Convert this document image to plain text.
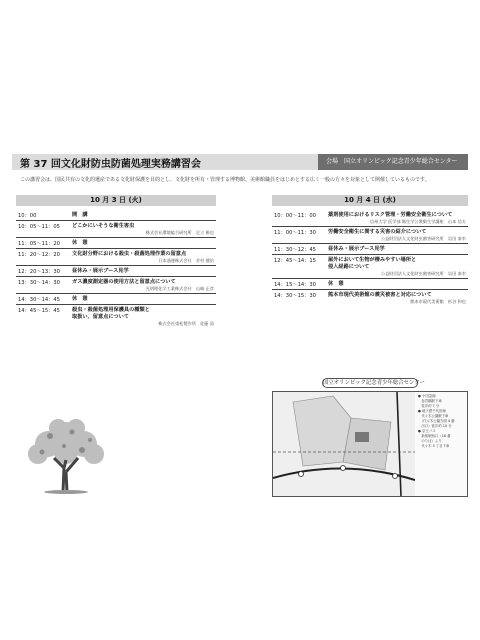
第 37 回文化財防虫防菌処理実務講習会	会場　国立オリンピック記念青少年総合センター
この講習会は、国民共有の文化的遺産である文化財保護を目的とし、文化財を所有・管理する博物館、美術館職員をはじめとする広く一般の方々を対象として開催しているものです。
10 月 3 日 (火)	10 月 4 日 (水)
10：00	開　講
10：05～11：05	どこかにいそうな衛生害虫
株式会社環境総合研究所　足立 雅也
11：05～11：20	休　憩
11：20～12：20	文化財分野における殺虫・殺菌処理作業の留意点
日本通運株式会社　芳村 健治
12：20～13：30	昼休み・展示ブース見学
13：30～14：30	ガス濃度測定器の使用方法と留意点について
光明理化学工業株式会社　山崎 正彦
14：30～14：45	休　憩
14：45～15：45	殺虫・殺菌処理用保護具の種類と
取扱い、留意点について
株式会社重松製作所　佐藤 清
10：00～11：00	薬剤使用におけるリスク管理・労働安全衛生について
信州大学 医学部 衛生学公衆衛生学講座　山本 信夫
11：00～11：30	労働安全衛生に関する災害の紹介について
公益財団法人文化財虫菌害研究所　岩田 泰幸
11：30～12：45	昼休み・展示ブース見学
12：45～14：15	屋外において生物が棲みやすい場所と
侵入経路について
公益財団法人文化財虫菌害研究所　岩田 泰幸
14：15～14：30	休　憩
14：30～15：30	熊本市現代美術館の震災被害と対応について
熊本市現代美術館　杉谷 和也
国立オリンピック記念青少年総合センター
● 小田急線
　参宮橋駅下車
　徒歩約 7 分
● 地下鉄千代田線
　代々木公園駅下車
　（代々木公園方面 4 番
　出口）徒歩約 10 分
● 京王バス
　新宿駅西口（16 番
　のりば）より
　代々木 5 丁目下車
